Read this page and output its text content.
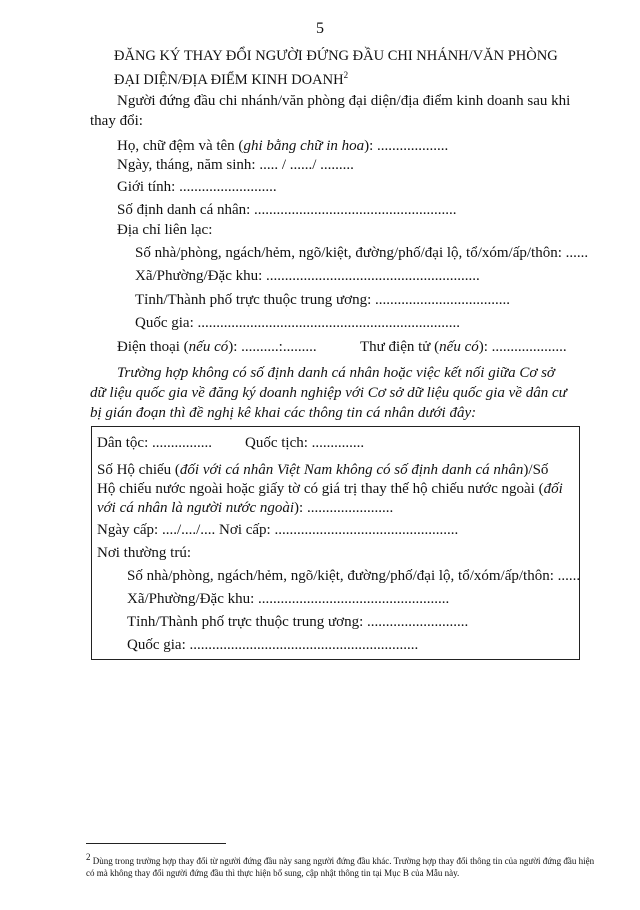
5
ĐĂNG KÝ THAY ĐỔI NGƯỜI ĐỨNG ĐẦU CHI NHÁNH/VĂN PHÒNG
ĐẠI DIỆN/ĐỊA ĐIỂM KINH DOANH$^2$
Người đứng đầu chi nhánh/văn phòng đại diện/địa điểm kinh doanh sau khi
thay đổi:
Họ, chữ đệm và tên (ghi bằng chữ in hoa): ...................
Ngày, tháng, năm sinh: ..... / ....../ .........
Giới tính: ..........................
Số định danh cá nhân: ......................................................
Địa chỉ liên lạc:
Số nhà/phòng, ngách/hẻm, ngõ/kiệt, đường/phố/đại lộ, tổ/xóm/ấp/thôn: ......
Xã/Phường/Đặc khu: .........................................................
Tỉnh/Thành phố trực thuộc trung ương: ....................................
Quốc gia: ......................................................................
Điện thoại (nếu có): ..........:.........	Thư điện tử (nếu có): ....................
Trường hợp không có số định danh cá nhân hoặc việc kết nối giữa Cơ sở
dữ liệu quốc gia về đăng ký doanh nghiệp với Cơ sở dữ liệu quốc gia về dân cư
bị gián đoạn thì đề nghị kê khai các thông tin cá nhân dưới đây:
Dân tộc: ................ Quốc tịch: ..............
Số Hộ chiếu (đối với cá nhân Việt Nam không có số định danh cá nhân)/Số
Hộ chiếu nước ngoài hoặc giấy tờ có giá trị thay thế hộ chiếu nước ngoài (đối
với cá nhân là người nước ngoài): .......................
Ngày cấp: ..../..../.... Nơi cấp: .................................................
Nơi thường trú:
Số nhà/phòng, ngách/hẻm, ngõ/kiệt, đường/phố/đại lộ, tổ/xóm/ấp/thôn: ......
Xã/Phường/Đặc khu: ...................................................
Tỉnh/Thành phố trực thuộc trung ương: ...........................
Quốc gia: .............................................................
$^2$ Dùng trong trường hợp thay đổi từ người đứng đầu này sang người đứng đầu khác. Trường hợp thay đổi thông tin của người đứng đầu hiện có mà không thay đổi người đứng đầu thì thực hiện bổ sung, cập nhật thông tin tại Mục B của Mẫu này.
